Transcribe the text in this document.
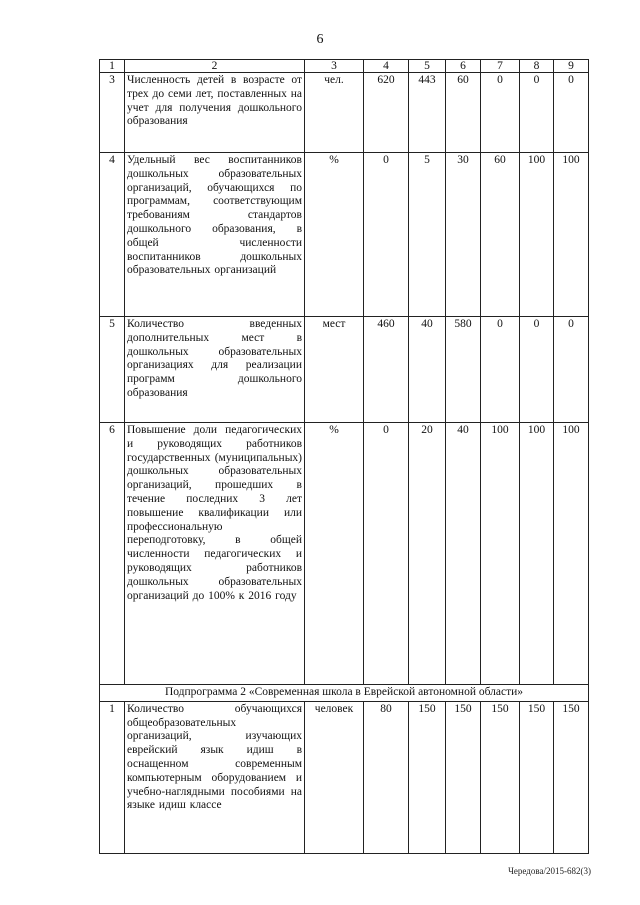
6
1	2	3	4	5	6	7	8	9
3	Численность детей в возрасте от трех до семи лет, поставленных на учет для получения дошкольного образования	чел.	620	443	60	0	0	0
4	Удельный вес воспитанников дошкольных образовательных организаций, обучающихся по программам, соответствующим требованиям стандартов дошкольного образования, в общей численности воспитанников дошкольных образовательных организаций	%	0	5	30	60	100	100
5	Количество введенных дополнительных мест в дошкольных образовательных организациях для реализации программ дошкольного образования	мест	460	40	580	0	0	0
6	Повышение доли педагогических и руководящих работников государственных (муниципальных) дошкольных образовательных организаций, прошедших в течение последних 3 лет повышение квалификации или профессиональную переподготовку, в общей численности педагогических и руководящих работников дошкольных образовательных организаций до 100% к 2016 году	%	0	20	40	100	100	100
Подпрограмма 2 «Современная школа в Еврейской автономной области»								
1	Количество обучающихся общеобразовательных организаций, изучающих еврейский язык идиш в оснащенном современным компьютерным оборудованием и учебно-наглядными пособиями на языке идиш классе	человек	80	150	150	150	150	150
Чередова/2015-682(3)
